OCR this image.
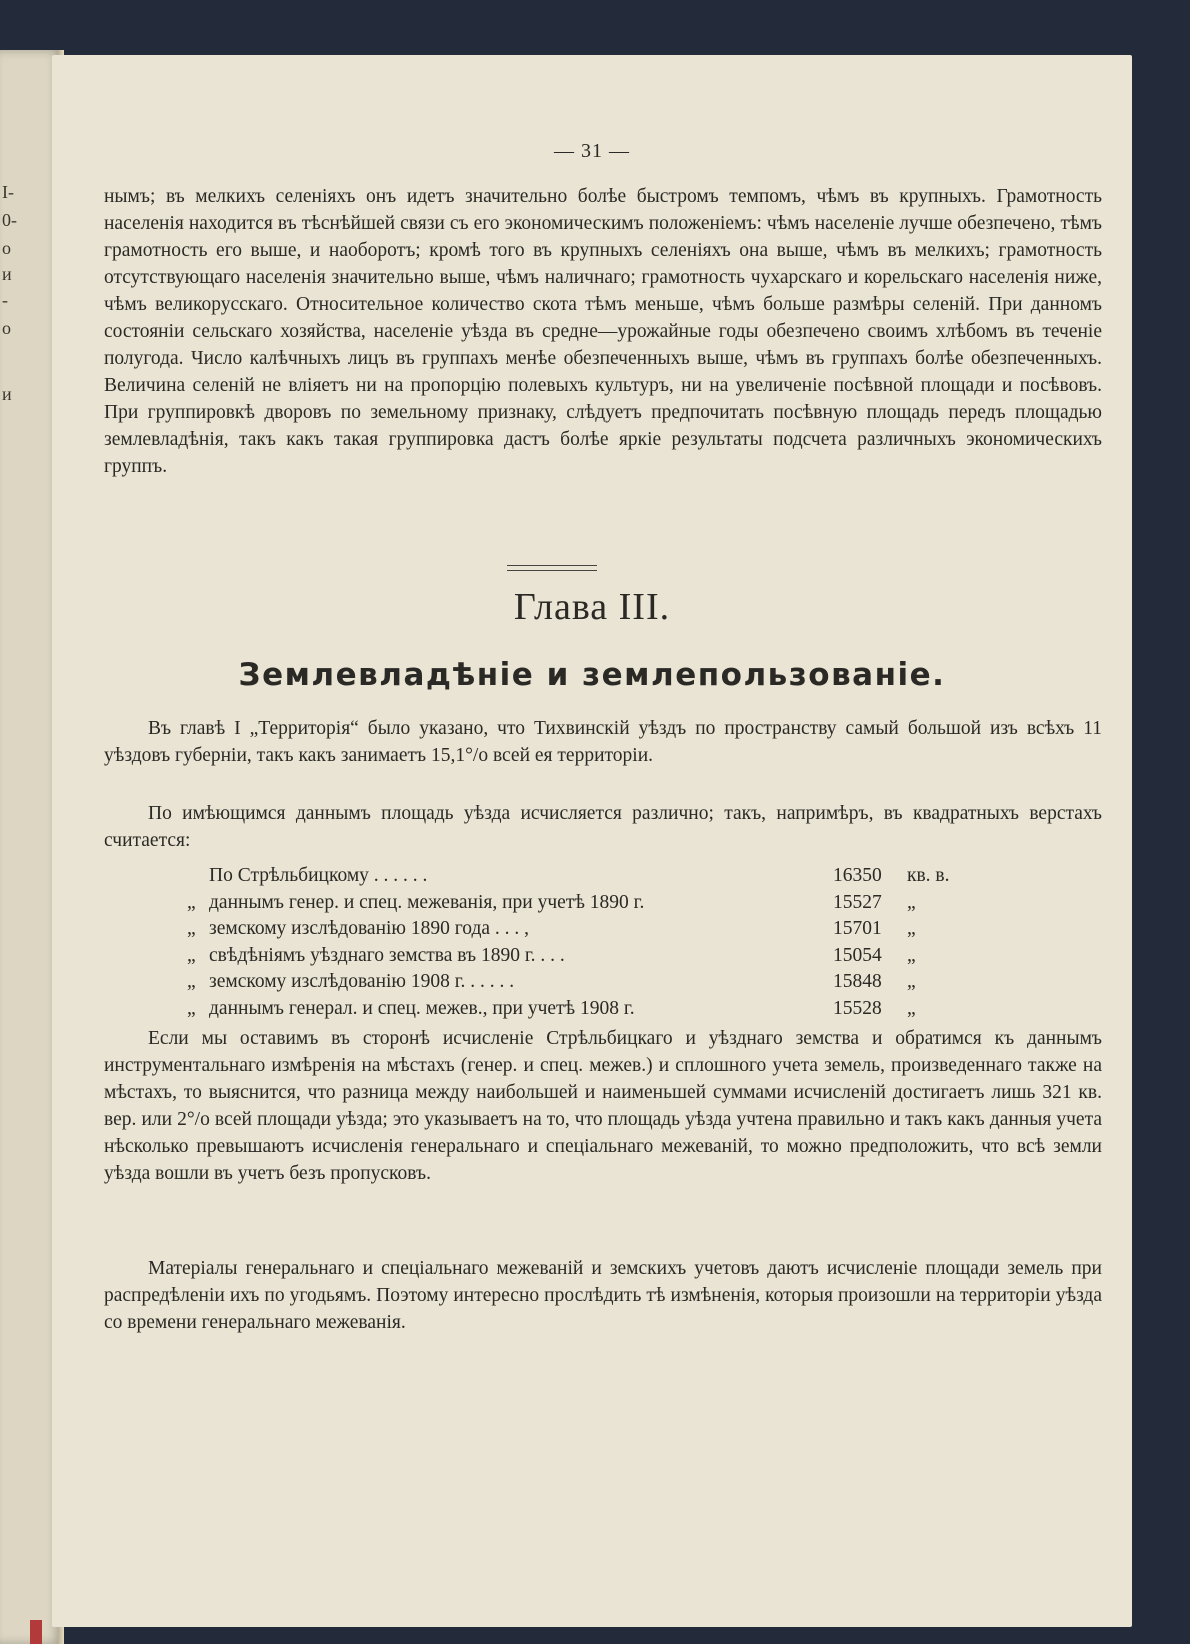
I-
0-
о
и
-
о
и
— 31 —

нымъ; въ мелкихъ селеніяхъ онъ идетъ значительно болѣе быстромъ темпомъ, чѣмъ въ крупныхъ. Грамотность населенія находится въ тѣснѣйшей связи съ его экономическимъ положеніемъ: чѣмъ населеніе лучше обезпечено, тѣмъ грамотность его выше, и наоборотъ; кромѣ того въ крупныхъ селеніяхъ она выше, чѣмъ въ мелкихъ; грамотность отсутствующаго населенія значительно выше, чѣмъ наличнаго; грамотность чухарскаго и корельскаго населенія ниже, чѣмъ великорусскаго. Относительное количество скота тѣмъ меньше, чѣмъ больше размѣры селеній. При данномъ состояніи сельскаго хозяйства, населеніе уѣзда въ средне—урожайные годы обезпечено своимъ хлѣбомъ въ теченіе полугода. Число калѣчныхъ лицъ въ группахъ менѣе обезпеченныхъ выше, чѣмъ въ группахъ болѣе обезпеченныхъ. Величина селеній не вліяетъ ни на пропорцію полевыхъ культуръ, ни на увеличеніе посѣвной площади и посѣвовъ. При группировкѣ дворовъ по земельному признаку, слѣдуетъ предпочитать посѣвную площадь передъ площадью землевладѣнія, такъ какъ такая группировка дастъ болѣе яркіе результаты подсчета различныхъ экономическихъ группъ.

Глава III.
Землевладѣніе и землепользованіе.

Въ главѣ I „Территорія“ было указано, что Тихвинскій уѣздъ по пространству самый большой изъ всѣхъ 11 уѣздовъ губерніи, такъ какъ занимаетъ 15,1°/о всей ея территоріи.

По имѣющимся даннымъ площадь уѣзда исчисляется различно; такъ, напримѣръ, въ квадратныхъ верстахъ считается:

По Стрѣльбицкому . . . . . .	16350	кв. в.
„ даннымъ генер. и спец. межеванія, при учетѣ 1890 г.	15527	„
„ земскому изслѣдованію 1890 года . . . ,	15701	„
„ свѣдѣніямъ уѣзднаго земства въ 1890 г. . . .	15054	„
„ земскому изслѣдованію 1908 г. . . . . .	15848	„
„ даннымъ генерал. и спец. межев., при учетѣ 1908 г.	15528	„

Если мы оставимъ въ сторонѣ исчисленіе Стрѣльбицкаго и уѣзднаго земства и обратимся къ даннымъ инструментальнаго измѣренія на мѣстахъ (генер. и спец. межев.) и сплошного учета земель, произведеннаго также на мѣстахъ, то выяснится, что разница между наибольшей и наименьшей суммами исчисленій достигаетъ лишь 321 кв. вер. или 2°/о всей площади уѣзда; это указываетъ на то, что площадь уѣзда учтена правильно и такъ какъ данныя учета нѣсколько превышаютъ исчисленія генеральнаго и спеціальнаго межеваній, то можно предположить, что всѣ земли уѣзда вошли въ учетъ безъ пропусковъ.

Матеріалы генеральнаго и спеціальнаго межеваній и земскихъ учетовъ даютъ исчисленіе площади земель при распредѣленіи ихъ по угодьямъ. Поэтому интересно прослѣдить тѣ измѣненія, которыя произошли на территоріи уѣзда со времени генеральнаго межеванія.
